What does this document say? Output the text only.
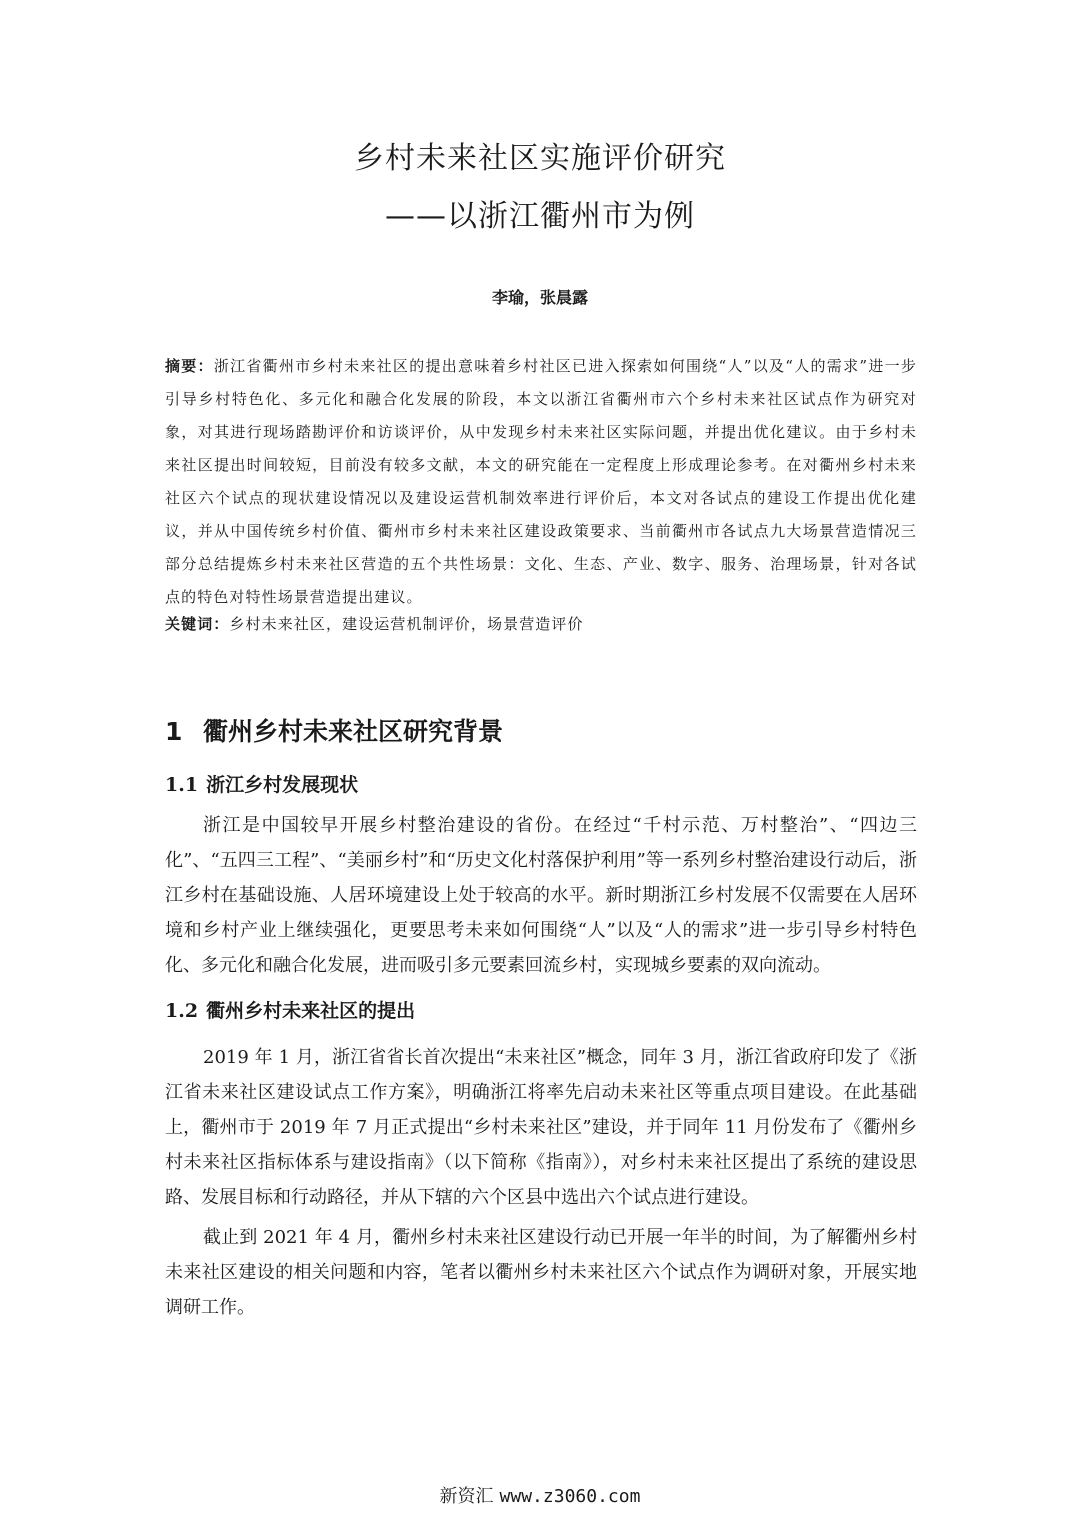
乡村未来社区实施评价研究
——以浙江衢州市为例
李瑜，张晨露

摘要：浙江省衢州市乡村未来社区的提出意味着乡村社区已进入探索如何围绕“人”以及“人的需求”进一步引导乡村特色化、多元化和融合化发展的阶段，本文以浙江省衢州市六个乡村未来社区试点作为研究对象，对其进行现场踏勘评价和访谈评价，从中发现乡村未来社区实际问题，并提出优化建议。由于乡村未来社区提出时间较短，目前没有较多文献，本文的研究能在一定程度上形成理论参考。在对衢州乡村未来社区六个试点的现状建设情况以及建设运营机制效率进行评价后，本文对各试点的建设工作提出优化建议，并从中国传统乡村价值、衢州市乡村未来社区建设政策要求、当前衢州市各试点九大场景营造情况三部分总结提炼乡村未来社区营造的五个共性场景：文化、生态、产业、数字、服务、治理场景，针对各试点的特色对特性场景营造提出建议。

关键词：乡村未来社区，建设运营机制评价，场景营造评价

1 衢州乡村未来社区研究背景
1.1 浙江乡村发展现状

浙江是中国较早开展乡村整治建设的省份。在经过“千村示范、万村整治”、“四边三化”、“五四三工程”、“美丽乡村”和“历史文化村落保护利用”等一系列乡村整治建设行动后，浙江乡村在基础设施、人居环境建设上处于较高的水平。新时期浙江乡村发展不仅需要在人居环境和乡村产业上继续强化，更要思考未来如何围绕“人”以及“人的需求”进一步引导乡村特色化、多元化和融合化发展，进而吸引多元要素回流乡村，实现城乡要素的双向流动。

1.2 衢州乡村未来社区的提出

2019 年 1 月，浙江省省长首次提出“未来社区”概念，同年 3 月，浙江省政府印发了《浙江省未来社区建设试点工作方案》，明确浙江将率先启动未来社区等重点项目建设。在此基础上，衢州市于 2019 年 7 月正式提出“乡村未来社区”建设，并于同年 11 月份发布了《衢州乡村未来社区指标体系与建设指南》（以下简称《指南》），对乡村未来社区提出了系统的建设思路、发展目标和行动路径，并从下辖的六个区县中选出六个试点进行建设。

截止到 2021 年 4 月，衢州乡村未来社区建设行动已开展一年半的时间，为了解衢州乡村未来社区建设的相关问题和内容，笔者以衢州乡村未来社区六个试点作为调研对象，开展实地调研工作。

新资汇 www.z3060.com
